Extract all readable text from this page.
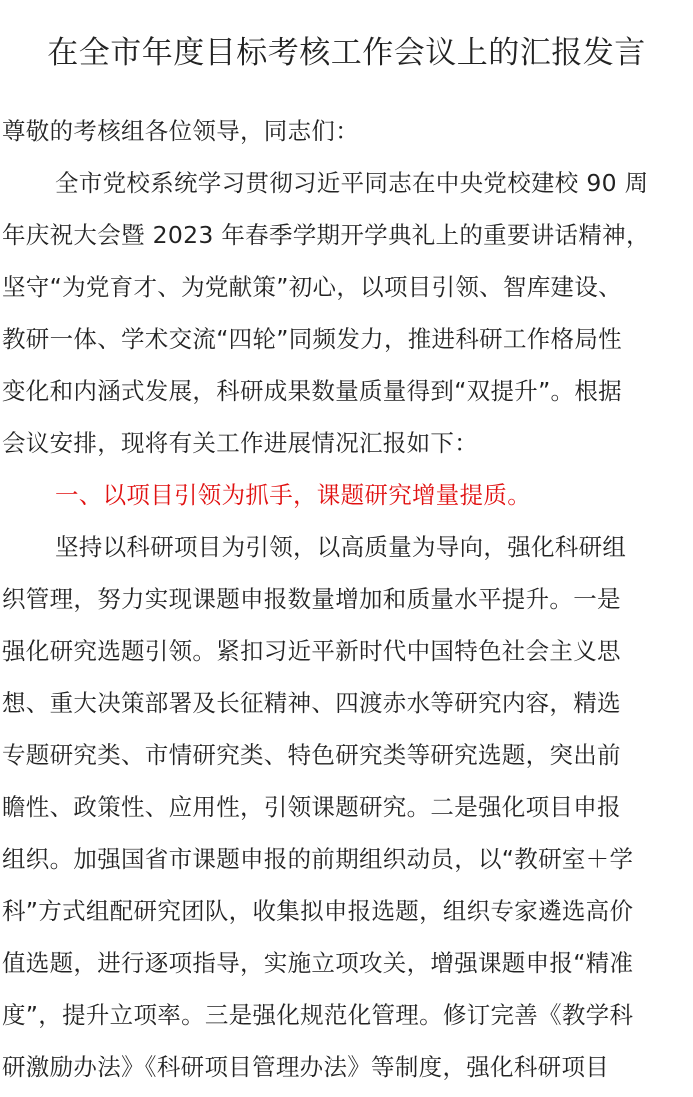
在全市年度目标考核工作会议上的汇报发言
尊敬的考核组各位领导，同志们：
全市党校系统学习贯彻习近平同志在中央党校建校 90 周
年庆祝大会暨 2023 年春季学期开学典礼上的重要讲话精神，
坚守“为党育才、为党献策”初心，以项目引领、智库建设、
教研一体、学术交流“四轮”同频发力，推进科研工作格局性
变化和内涵式发展，科研成果数量质量得到“双提升”。根据
会议安排，现将有关工作进展情况汇报如下：
一、以项目引领为抓手，课题研究增量提质。
坚持以科研项目为引领，以高质量为导向，强化科研组
织管理，努力实现课题申报数量增加和质量水平提升。一是
强化研究选题引领。紧扣习近平新时代中国特色社会主义思
想、重大决策部署及长征精神、四渡赤水等研究内容，精选
专题研究类、市情研究类、特色研究类等研究选题，突出前
瞻性、政策性、应用性，引领课题研究。二是强化项目申报
组织。加强国省市课题申报的前期组织动员，以“教研室＋学
科”方式组配研究团队，收集拟申报选题，组织专家遴选高价
值选题，进行逐项指导，实施立项攻关，增强课题申报“精准
度”，提升立项率。三是强化规范化管理。修订完善《教学科
研激励办法》《科研项目管理办法》等制度，强化科研项目
